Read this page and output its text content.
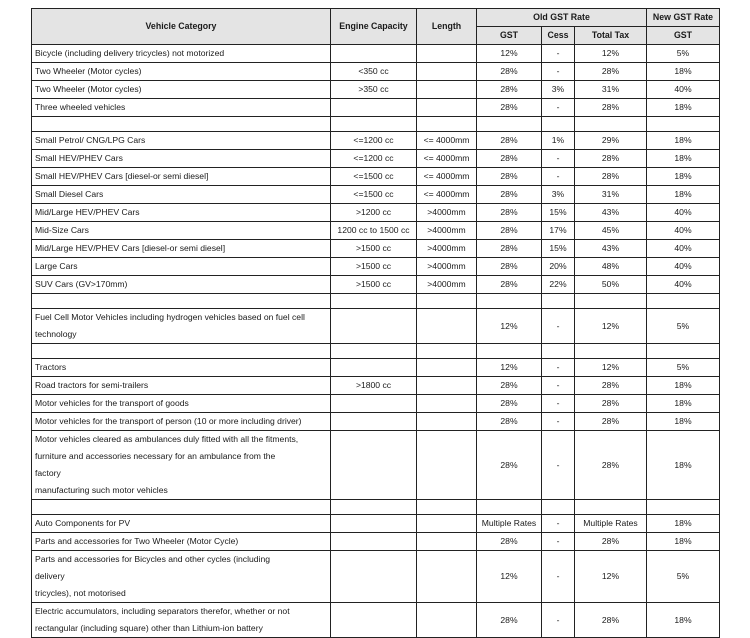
Vehicle Category	Engine Capacity	Length	Old GST Rate			New GST Rate
			GST	Cess	Total Tax	GST
Bicycle (including delivery tricycles) not motorized			12%	-	12%	5%
Two Wheeler (Motor cycles)	<350 cc		28%	-	28%	18%
Two Wheeler (Motor cycles)	>350 cc		28%	3%	31%	40%
Three wheeled vehicles			28%	-	28%	18%

Small Petrol/ CNG/LPG Cars	<=1200 cc	<= 4000mm	28%	1%	29%	18%
Small HEV/PHEV Cars	<=1200 cc	<= 4000mm	28%	-	28%	18%
Small HEV/PHEV Cars [diesel-or semi diesel]	<=1500 cc	<= 4000mm	28%	-	28%	18%
Small Diesel Cars	<=1500 cc	<= 4000mm	28%	3%	31%	18%
Mid/Large HEV/PHEV Cars	>1200 cc	>4000mm	28%	15%	43%	40%
Mid-Size Cars	1200 cc to 1500 cc	>4000mm	28%	17%	45%	40%
Mid/Large HEV/PHEV Cars [diesel-or semi diesel]	>1500 cc	>4000mm	28%	15%	43%	40%
Large Cars	>1500 cc	>4000mm	28%	20%	48%	40%
SUV Cars (GV>170mm)	>1500 cc	>4000mm	28%	22%	50%	40%

Fuel Cell Motor Vehicles including hydrogen vehicles based on fuel cell technology			12%	-	12%	5%

Tractors			12%	-	12%	5%
Road tractors for semi-trailers	>1800 cc		28%	-	28%	18%
Motor vehicles for the transport of goods			28%	-	28%	18%
Motor vehicles for the transport of person (10 or more including driver)			28%	-	28%	18%

Motor vehicles cleared as ambulances duly fitted with all the fitments,
furniture and accessories necessary for an ambulance from the
factory
manufacturing such motor vehicles			28%	-	28%	18%

Auto Components for PV			Multiple Rates	-	Multiple Rates	18%
Parts and accessories for Two Wheeler (Motor Cycle)			28%	-	28%	18%

Parts and accessories for Bicycles and other cycles (including
delivery
tricycles), not motorised			12%	-	12%	5%

Electric accumulators, including separators therefor, whether or not
rectangular (including square) other than Lithium-ion battery			28%	-	28%	18%
